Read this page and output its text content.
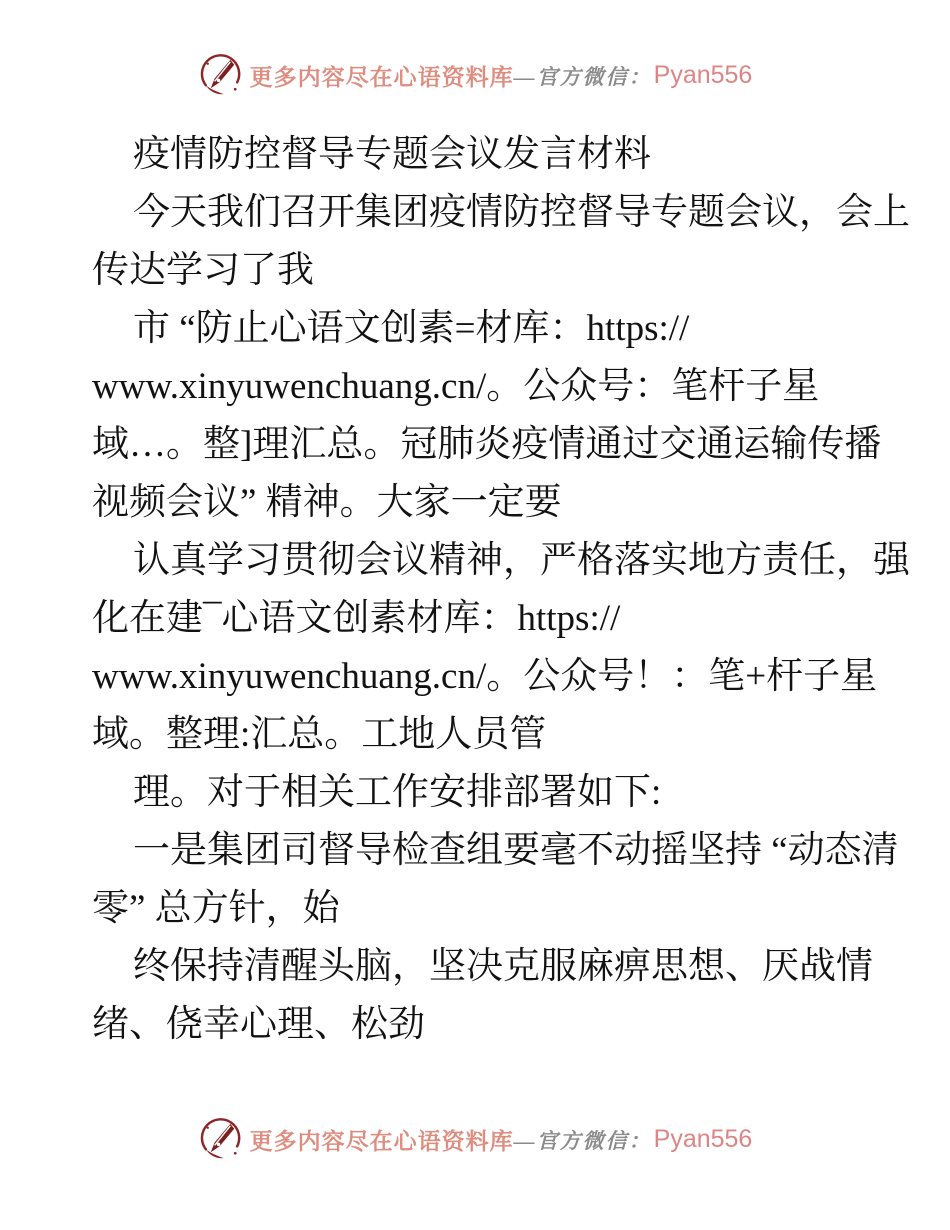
更多内容尽在心语资料库 —官方微信： Pyan556
疫情防控督导专题会议发言材料
今天我们召开集团疫情防控督导专题会议，会上
传达学习了我
市 “防止心语文创素=材库：https://
www.xinyuwenchuang.cn/。公众号：笔杆子星
域…。整]理汇总。冠肺炎疫情通过交通运输传播
视频会议” 精神。大家一定要
认真学习贯彻会议精神，严格落实地方责任，强
化在建¯心语文创素材库：https://
www.xinyuwenchuang.cn/。公众号！：笔+杆子星
域。整理:汇总。工地人员管
理。对于相关工作安排部署如下:
一是集团司督导检查组要毫不动摇坚持 “动态清
零” 总方针，始
终保持清醒头脑，坚决克服麻痹思想、厌战情
绪、侥幸心理、松劲
更多内容尽在心语资料库 —官方微信： Pyan556
